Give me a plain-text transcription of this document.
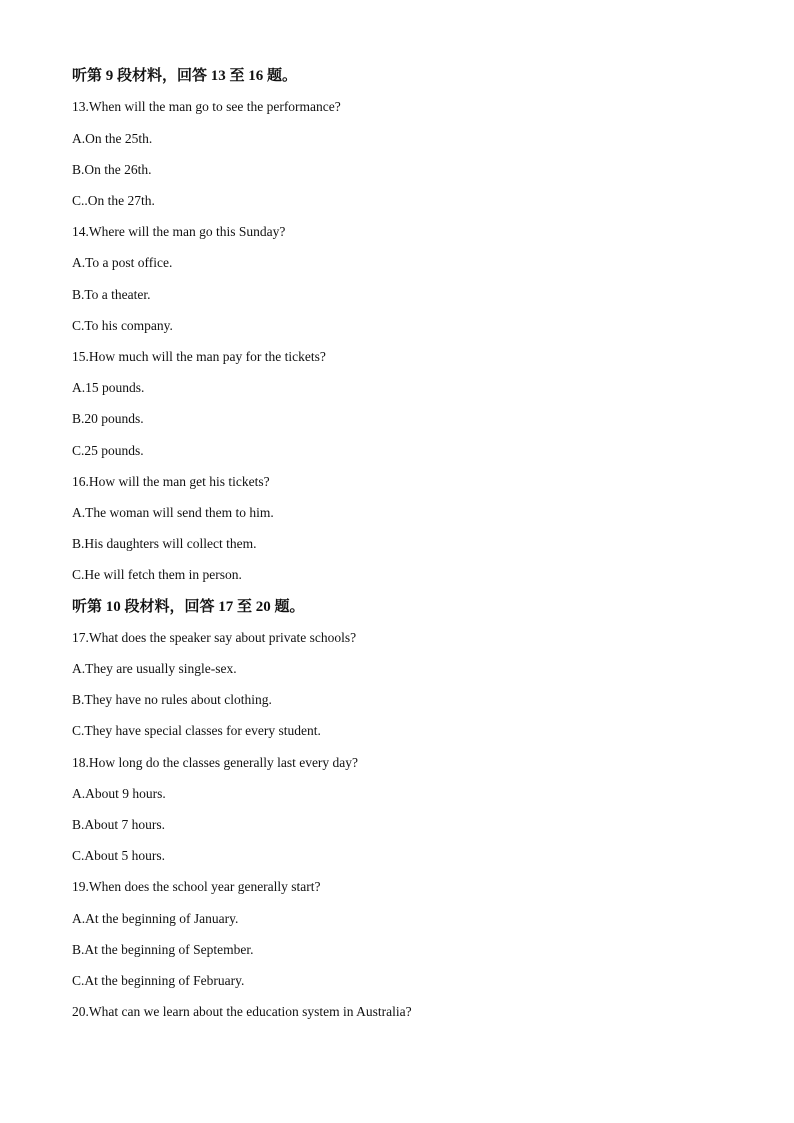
听第 9 段材料，回答 13 至 16 题。
13.When will the man go to see the performance?
A.On the 25th.
B.On the 26th.
C..On the 27th.
14.Where will the man go this Sunday?
A.To a post office.
B.To a theater.
C.To his company.
15.How much will the man pay for the tickets?
A.15 pounds.
B.20 pounds.
C.25 pounds.
16.How will the man get his tickets?
A.The woman will send them to him.
B.His daughters will collect them.
C.He will fetch them in person.
听第 10 段材料，回答 17 至 20 题。
17.What does the speaker say about private schools?
A.They are usually single-sex.
B.They have no rules about clothing.
C.They have special classes for every student.
18.How long do the classes generally last every day?
A.About 9 hours.
B.About 7 hours.
C.About 5 hours.
19.When does the school year generally start?
A.At the beginning of January.
B.At the beginning of September.
C.At the beginning of February.
20.What can we learn about the education system in Australia?
